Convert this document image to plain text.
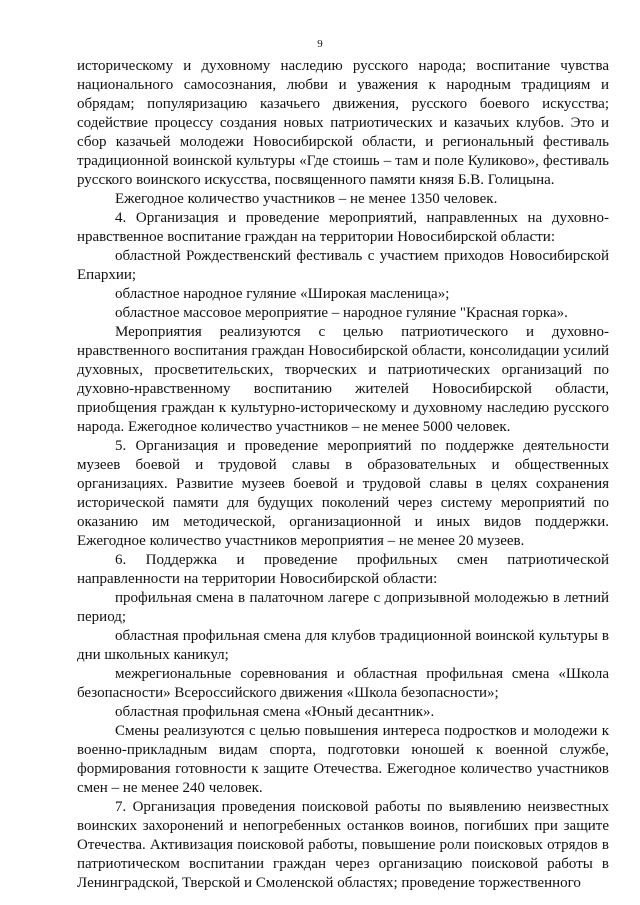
9

историческому и духовному наследию русского народа; воспитание чувства национального самосознания, любви и уважения к народным традициям и обрядам; популяризацию казачьего движения, русского боевого искусства; содействие процессу создания новых патриотических и казачьих клубов. Это и сбор казачьей молодежи Новосибирской области, и региональный фестиваль традиционной воинской культуры «Где стоишь – там и поле Куликово», фестиваль русского воинского искусства, посвященного памяти князя Б.В. Голицына.

Ежегодное количество участников – не менее 1350 человек.

4. Организация и проведение мероприятий, направленных на духовно-нравственное воспитание граждан на территории Новосибирской области:

областной Рождественский фестиваль с участием приходов Новосибирской Епархии;

областное народное гуляние «Широкая масленица»;

областное массовое мероприятие – народное гуляние "Красная горка».

Мероприятия реализуются с целью патриотического и духовно-нравственного воспитания граждан Новосибирской области, консолидации усилий духовных, просветительских, творческих и патриотических организаций по духовно-нравственному воспитанию жителей Новосибирской области, приобщения граждан к культурно-историческому и духовному наследию русского народа. Ежегодное количество участников – не менее 5000 человек.

5. Организация и проведение мероприятий по поддержке деятельности музеев боевой и трудовой славы в образовательных и общественных организациях. Развитие музеев боевой и трудовой славы в целях сохранения исторической памяти для будущих поколений через систему мероприятий по оказанию им методической, организационной и иных видов поддержки. Ежегодное количество участников мероприятия – не менее 20 музеев.

6. Поддержка и проведение профильных смен патриотической направленности на территории Новосибирской области:

профильная смена в палаточном лагере с допризывной молодежью в летний период;

областная профильная смена для клубов традиционной воинской культуры в дни школьных каникул;

межрегиональные соревнования и областная профильная смена «Школа безопасности» Всероссийского движения «Школа безопасности»;

областная профильная смена «Юный десантник».

Смены реализуются с целью повышения интереса подростков и молодежи к военно-прикладным видам спорта, подготовки юношей к военной службе, формирования готовности к защите Отечества. Ежегодное количество участников смен – не менее 240 человек.

7. Организация проведения поисковой работы по выявлению неизвестных воинских захоронений и непогребенных останков воинов, погибших при защите Отечества. Активизация поисковой работы, повышение роли поисковых отрядов в патриотическом воспитании граждан через организацию поисковой работы в Ленинградской, Тверской и Смоленской областях; проведение торжественного
